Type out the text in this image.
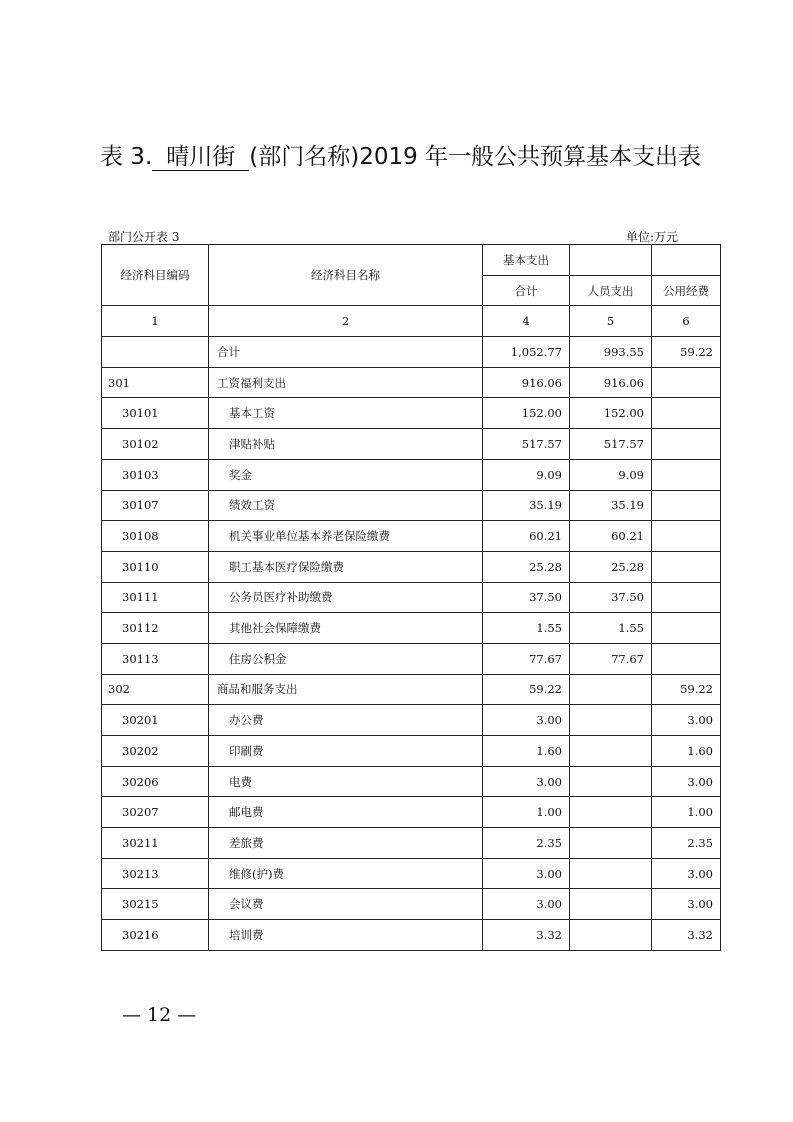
表 3. 晴川街 (部门名称)2019 年一般公共预算基本支出表
部门公开表 3	单位:万元
经济科目编码	经济科目名称	基本支出		
		合计	人员支出	公用经费
1	2	4	5	6
	合计	1,052.77	993.55	59.22
301	工资福利支出	916.06	916.06	
30101	基本工资	152.00	152.00	
30102	津贴补贴	517.57	517.57	
30103	奖金	9.09	9.09	
30107	绩效工资	35.19	35.19	
30108	机关事业单位基本养老保险缴费	60.21	60.21	
30110	职工基本医疗保险缴费	25.28	25.28	
30111	公务员医疗补助缴费	37.50	37.50	
30112	其他社会保障缴费	1.55	1.55	
30113	住房公积金	77.67	77.67	
302	商品和服务支出	59.22		59.22
30201	办公费	3.00		3.00
30202	印刷费	1.60		1.60
30206	电费	3.00		3.00
30207	邮电费	1.00		1.00
30211	差旅费	2.35		2.35
30213	维修(护)费	3.00		3.00
30215	会议费	3.00		3.00
30216	培训费	3.32		3.32
— 12 —
